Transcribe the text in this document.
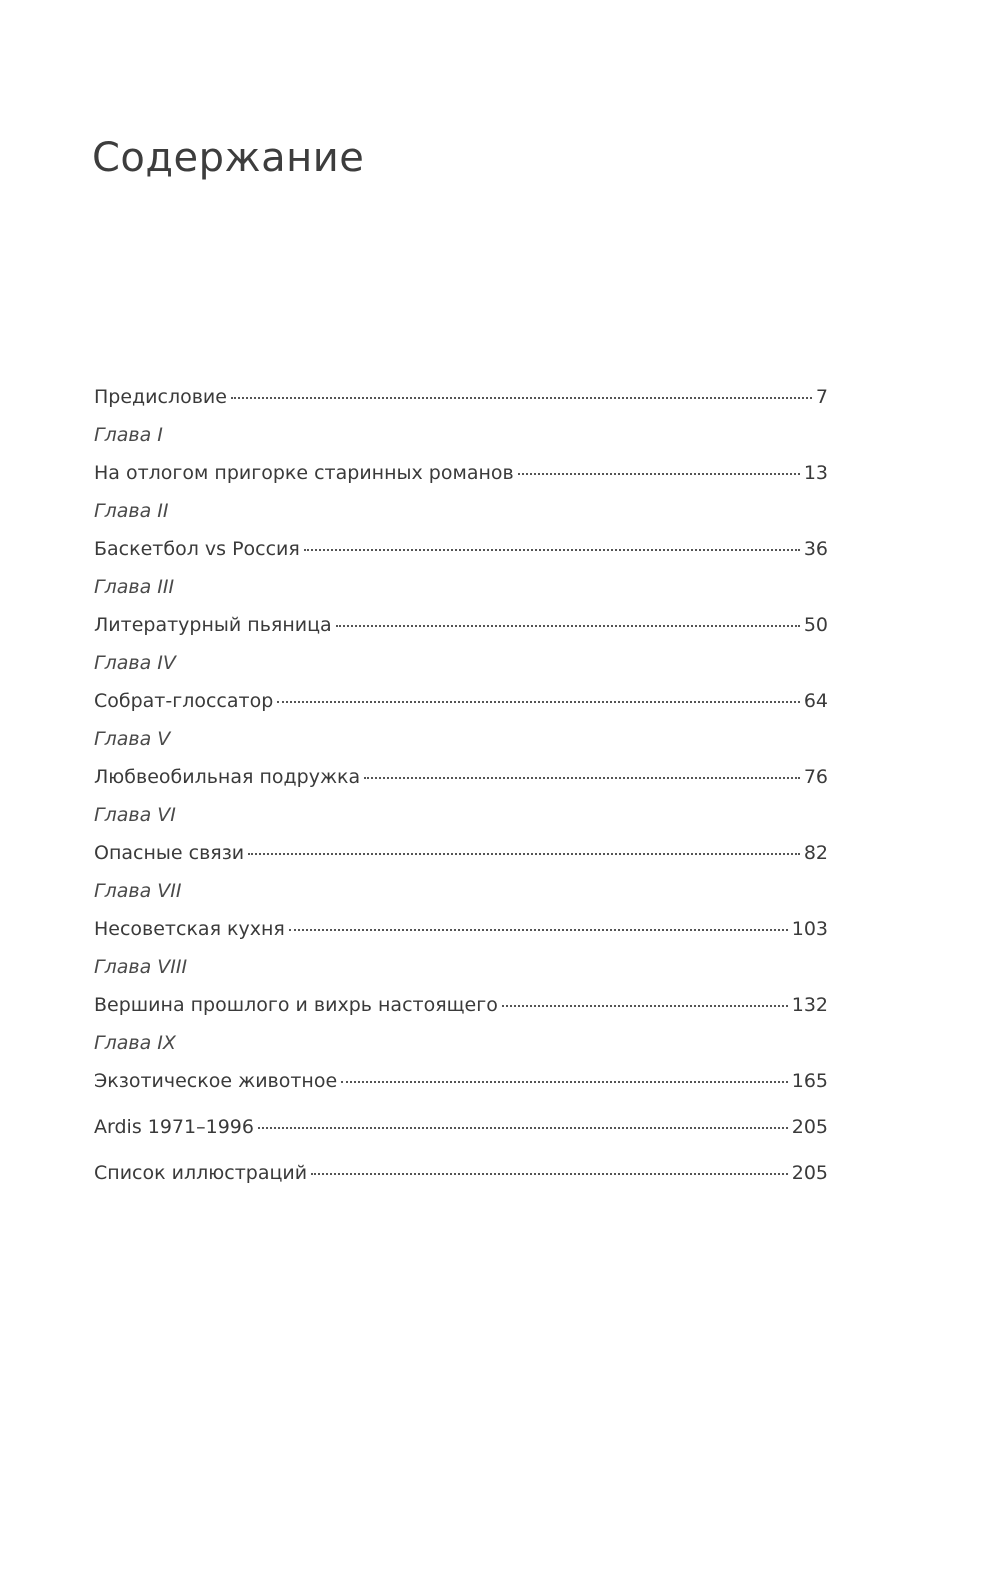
Содержание
Предисловие	7
Глава I
На отлогом пригорке старинных романов	13
Глава II
Баскетбол vs Россия	36
Глава III
Литературный пьяница	50
Глава IV
Собрат-глоссатор	64
Глава V
Любвеобильная подружка	76
Глава VI
Опасные связи	82
Глава VII
Несоветская кухня	103
Глава VIII
Вершина прошлого и вихрь настоящего	132
Глава IX
Экзотическое животное	165
Ardis 1971–1996	205
Список иллюстраций	205
